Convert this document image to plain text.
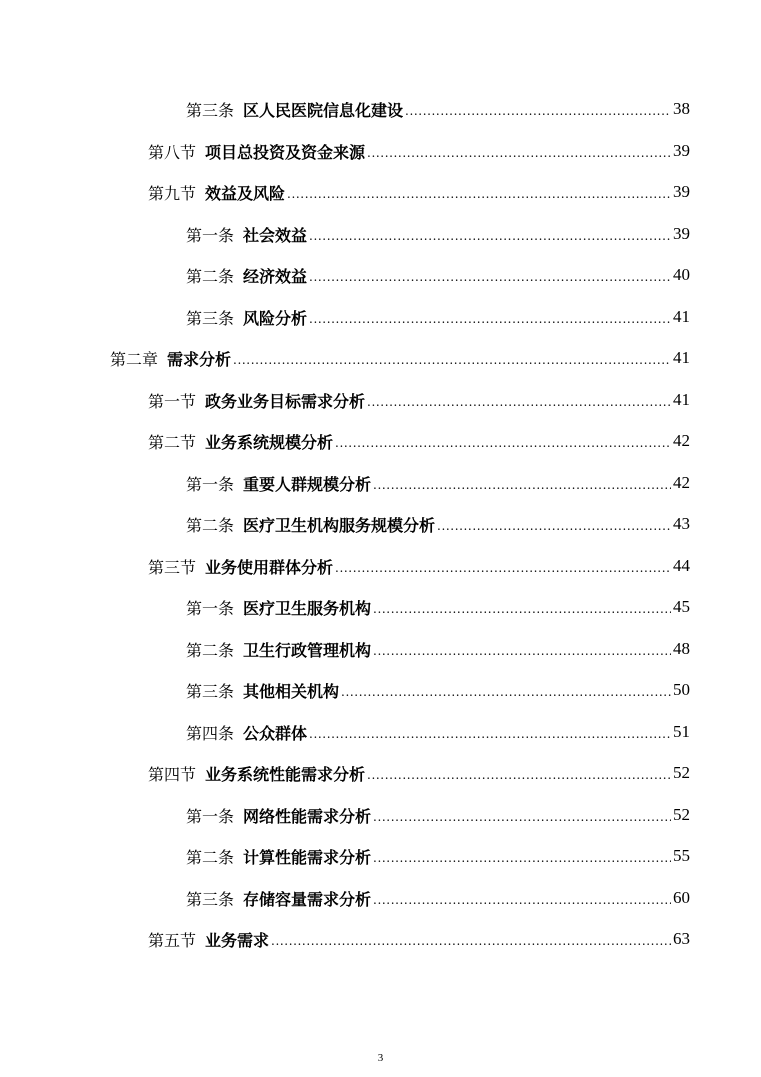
第三条 区人民医院信息化建设 .....	38
第八节 项目总投资及资金来源 .....	39
第九节 效益及风险 .....	39
第一条 社会效益 .....	39
第二条 经济效益 .....	40
第三条 风险分析 .....	41
第二章 需求分析 .....	41
第一节 政务业务目标需求分析 .....	41
第二节 业务系统规模分析 .....	42
第一条 重要人群规模分析 .....	42
第二条 医疗卫生机构服务规模分析 .....	43
第三节 业务使用群体分析 .....	44
第一条 医疗卫生服务机构 .....	45
第二条 卫生行政管理机构 .....	48
第三条 其他相关机构 .....	50
第四条 公众群体 .....	51
第四节 业务系统性能需求分析 .....	52
第一条 网络性能需求分析 .....	52
第二条 计算性能需求分析 .....	55
第三条 存储容量需求分析 .....	60
第五节 业务需求 .....	63
3
